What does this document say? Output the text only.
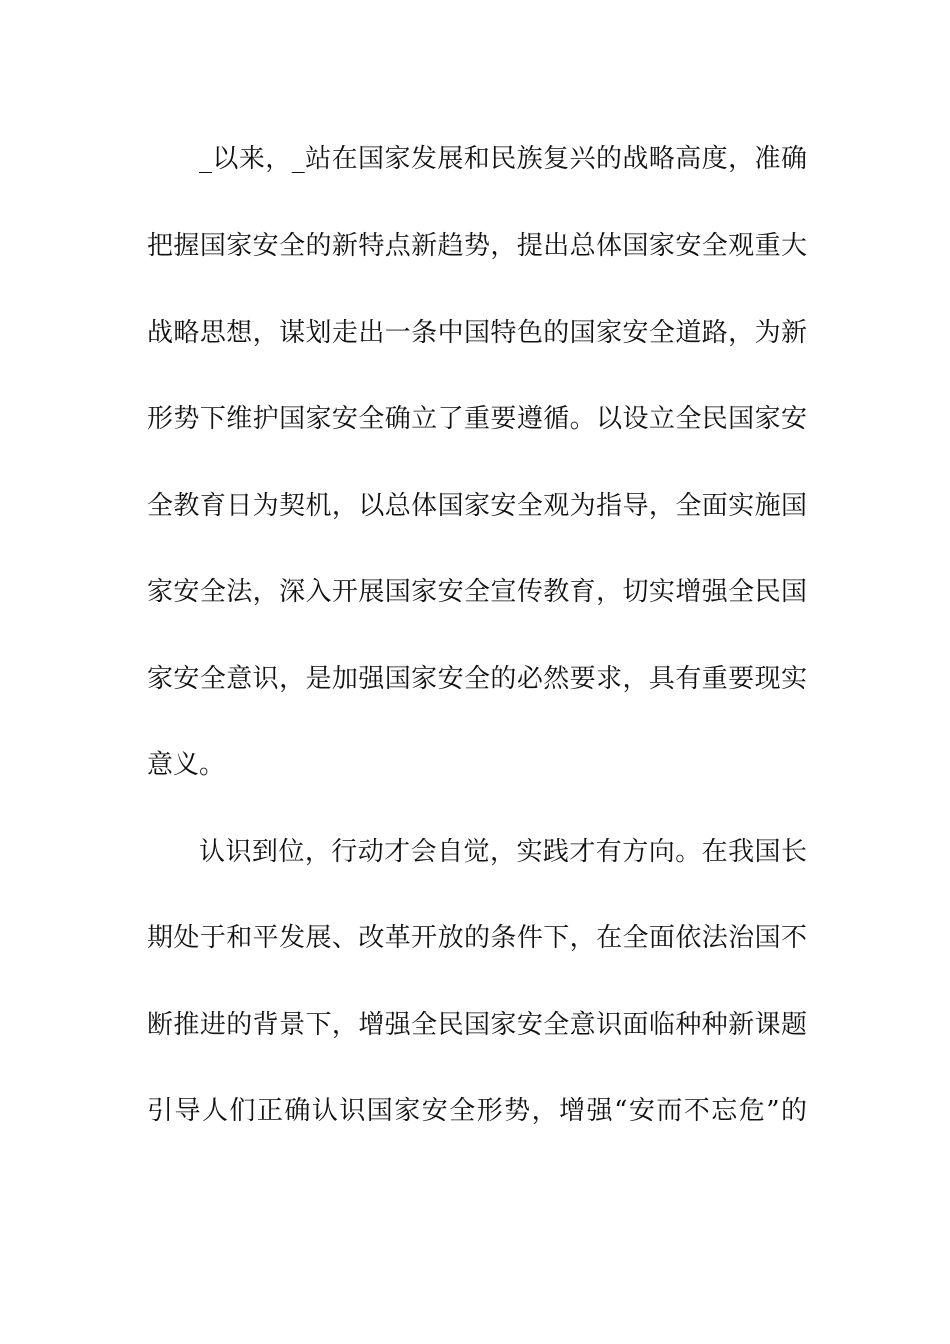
_以来，_站在国家发展和民族复兴的战略高度，准确
把握国家安全的新特点新趋势，提出总体国家安全观重大
战略思想，谋划走出一条中国特色的国家安全道路，为新
形势下维护国家安全确立了重要遵循。以设立全民国家安
全教育日为契机，以总体国家安全观为指导，全面实施国
家安全法，深入开展国家安全宣传教育，切实增强全民国
家安全意识，是加强国家安全的必然要求，具有重要现实
意义。
认识到位，行动才会自觉，实践才有方向。在我国长
期处于和平发展、改革开放的条件下，在全面依法治国不
断推进的背景下，增强全民国家安全意识面临种种新课题
引导人们正确认识国家安全形势，增强“安而不忘危”的
